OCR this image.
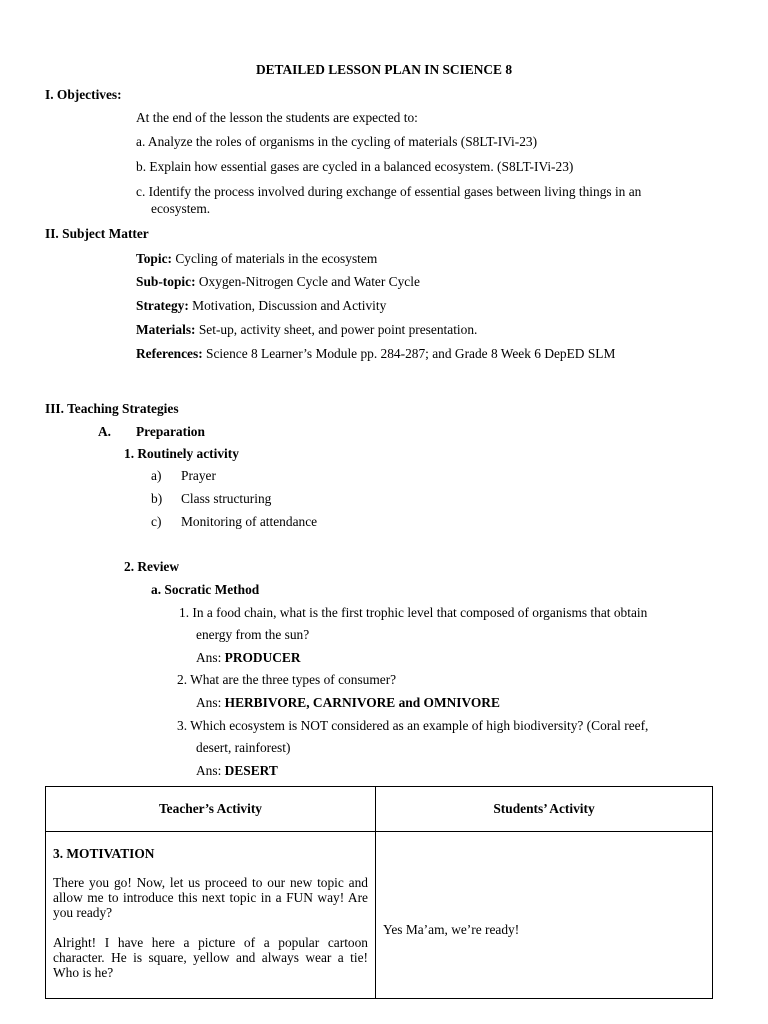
DETAILED LESSON PLAN IN SCIENCE 8
I. Objectives:
At the end of the lesson the students are expected to:
a. Analyze the roles of organisms in the cycling of materials (S8LT-IVi-23)
b. Explain how essential gases are cycled in a balanced ecosystem. (S8LT-IVi-23)
c. Identify the process involved during exchange of essential gases between living things in an
ecosystem.
II. Subject Matter
Topic: Cycling of materials in the ecosystem
Sub-topic: Oxygen-Nitrogen Cycle and Water Cycle
Strategy: Motivation, Discussion and Activity
Materials: Set-up, activity sheet, and power point presentation.
References: Science 8 Learner’s Module pp. 284-287; and Grade 8 Week 6 DepED SLM
III. Teaching Strategies
A. Preparation
1. Routinely activity
a) Prayer
b) Class structuring
c) Monitoring of attendance
2. Review
a. Socratic Method
1. In a food chain, what is the first trophic level that composed of organisms that obtain
energy from the sun?
Ans: PRODUCER
2. What are the three types of consumer?
Ans: HERBIVORE, CARNIVORE and OMNIVORE
3. Which ecosystem is NOT considered as an example of high biodiversity? (Coral reef,
desert, rainforest)
Ans: DESERT
Teacher’s Activity	Students’ Activity

3. MOTIVATION

There you go! Now, let us proceed to our new topic and allow me to introduce this next topic in a FUN way! Are you ready?

Alright! I have here a picture of a popular cartoon character. He is square, yellow and always wear a tie! Who is he?	Yes Ma’am, we’re ready!
